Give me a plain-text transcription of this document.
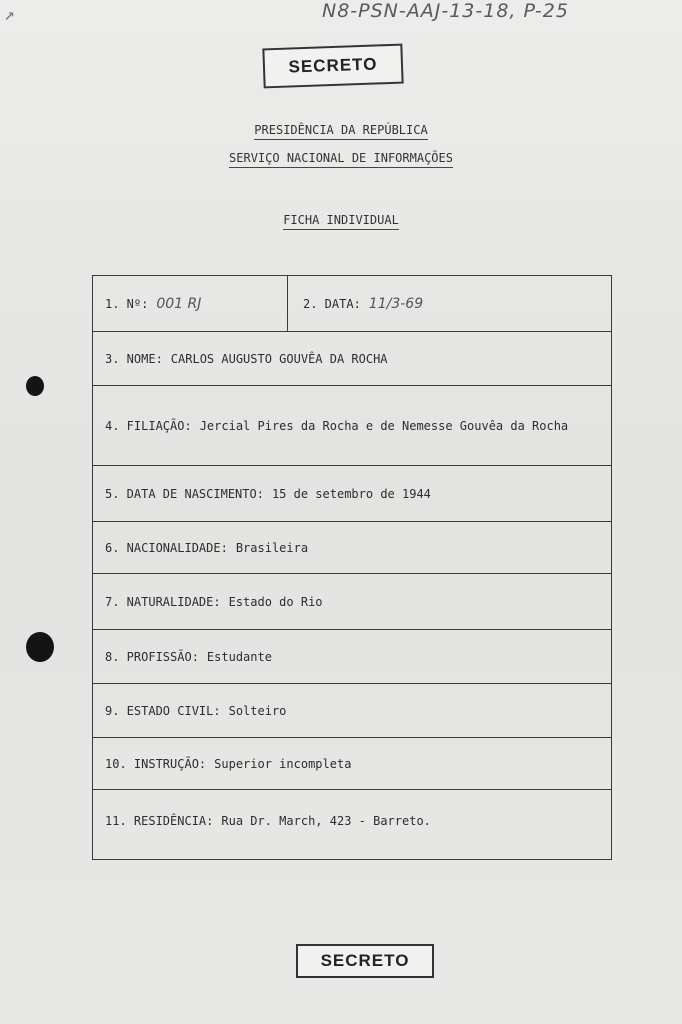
↗	N8-PSN-AAJ-13-18, P-25
SECRETO
PRESIDÊNCIA DA REPÚBLICA
SERVIÇO NACIONAL DE INFORMAÇÕES
FICHA INDIVIDUAL
1. Nº: 001 RJ	2. DATA: 11/3-69
3. NOME: CARLOS AUGUSTO GOUVÊA DA ROCHA
4. FILIAÇÃO: Jercial Pires da Rocha e de Nemesse Gouvêa da Rocha
5. DATA DE NASCIMENTO: 15 de setembro de 1944
6. NACIONALIDADE: Brasileira
7. NATURALIDADE: Estado do Rio
8. PROFISSÃO: Estudante
9. ESTADO CIVIL: Solteiro
10. INSTRUÇÃO: Superior incompleta
11. RESIDÊNCIA: Rua Dr. March, 423 - Barreto.
SECRETO
